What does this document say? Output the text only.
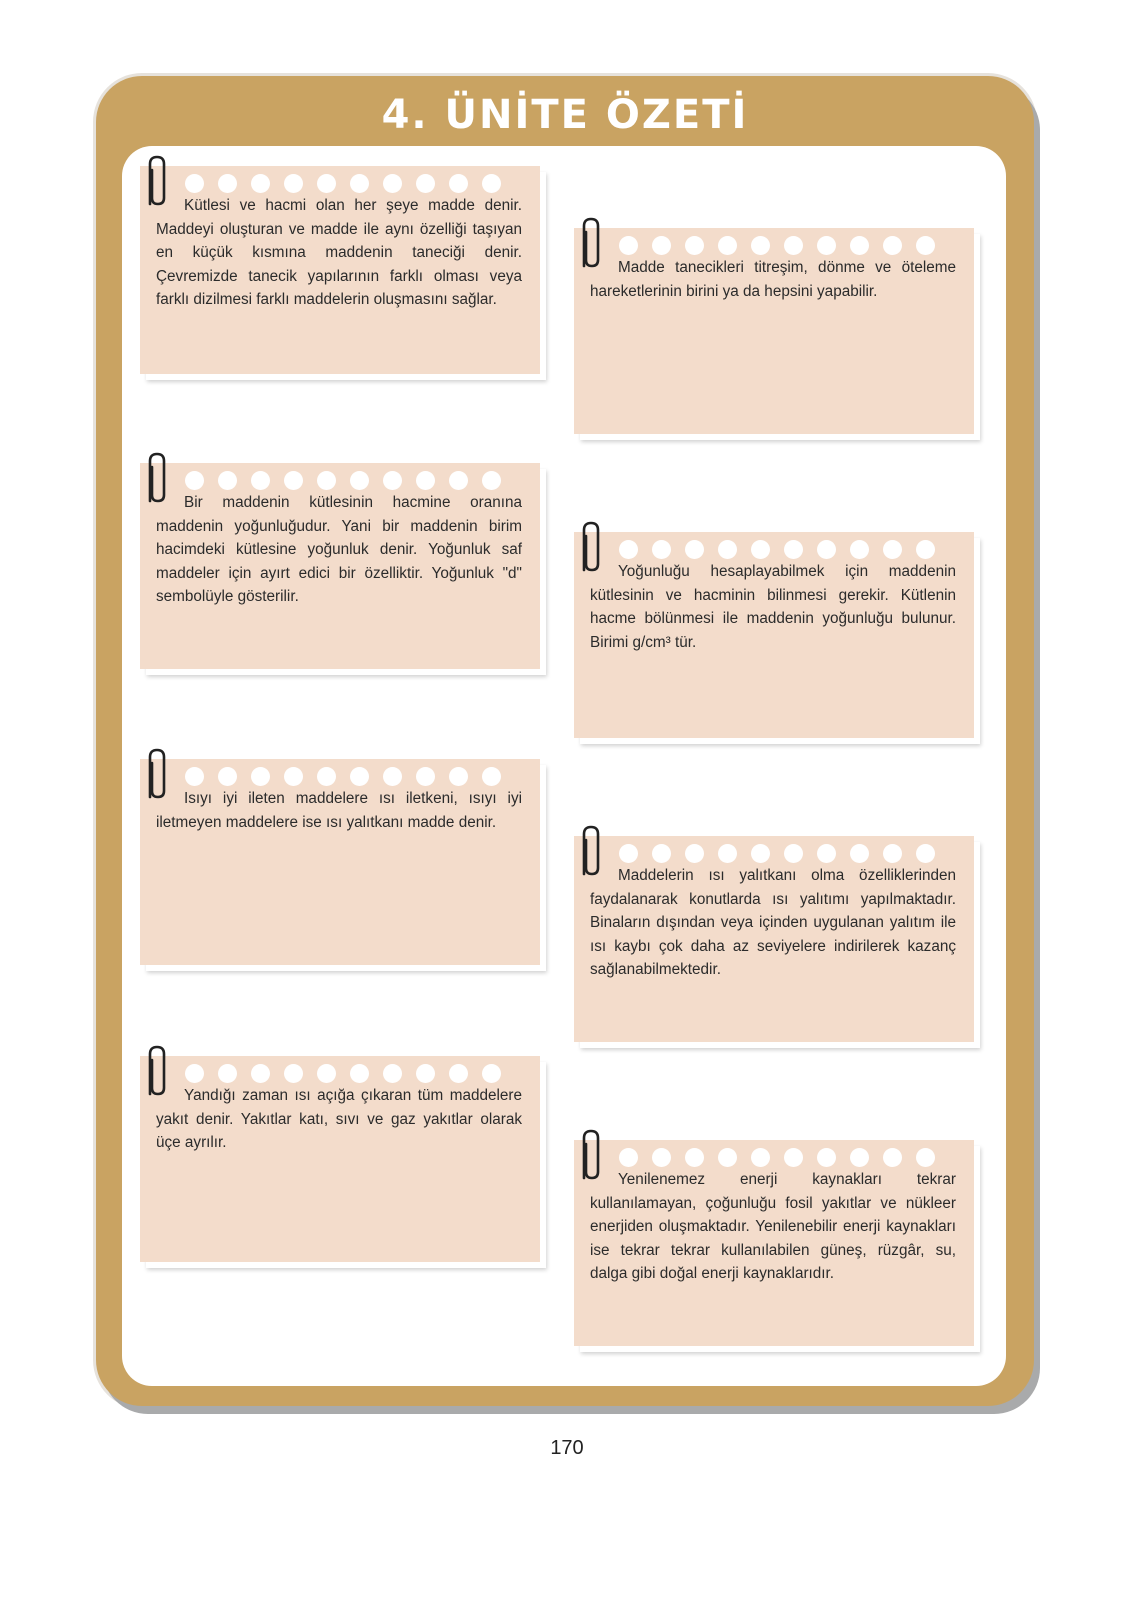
4. ÜNİTE ÖZETİ
Kütlesi ve hacmi olan her şeye madde denir. Maddeyi oluşturan ve madde ile aynı özelliği taşıyan en küçük kısmına maddenin taneciği denir. Çevremizde tanecik yapılarının farklı olması veya farklı dizilmesi farklı maddelerin oluşmasını sağlar.
Madde tanecikleri titreşim, dönme ve öteleme hareketlerinin birini ya da hepsini yapabilir.
Bir maddenin kütlesinin hacmine oranına maddenin yoğunluğudur. Yani bir maddenin birim hacimdeki kütlesine yoğunluk denir. Yoğunluk saf maddeler için ayırt edici bir özelliktir. Yoğunluk "d" sembolüyle gösterilir.
Yoğunluğu hesaplayabilmek için maddenin kütlesinin ve hacminin bilinmesi gerekir. Kütlenin hacme bölünmesi ile maddenin yoğunluğu bulunur. Birimi g/cm³ tür.
Isıyı iyi ileten maddelere ısı iletkeni, ısıyı iyi iletmeyen maddelere ise ısı yalıtkanı madde denir.
Maddelerin ısı yalıtkanı olma özelliklerinden faydalanarak konutlarda ısı yalıtımı yapılmaktadır. Binaların dışından veya içinden uygulanan yalıtım ile ısı kaybı çok daha az seviyelere indirilerek kazanç sağlanabilmektedir.
Yandığı zaman ısı açığa çıkaran tüm maddelere yakıt denir. Yakıtlar katı, sıvı ve gaz yakıtlar olarak üçe ayrılır.
Yenilenemez enerji kaynakları tekrar kullanılamayan, çoğunluğu fosil yakıtlar ve nükleer enerjiden oluşmaktadır. Yenilenebilir enerji kaynakları ise tekrar tekrar kullanılabilen güneş, rüzgâr, su, dalga gibi doğal enerji kaynaklarıdır.
170
